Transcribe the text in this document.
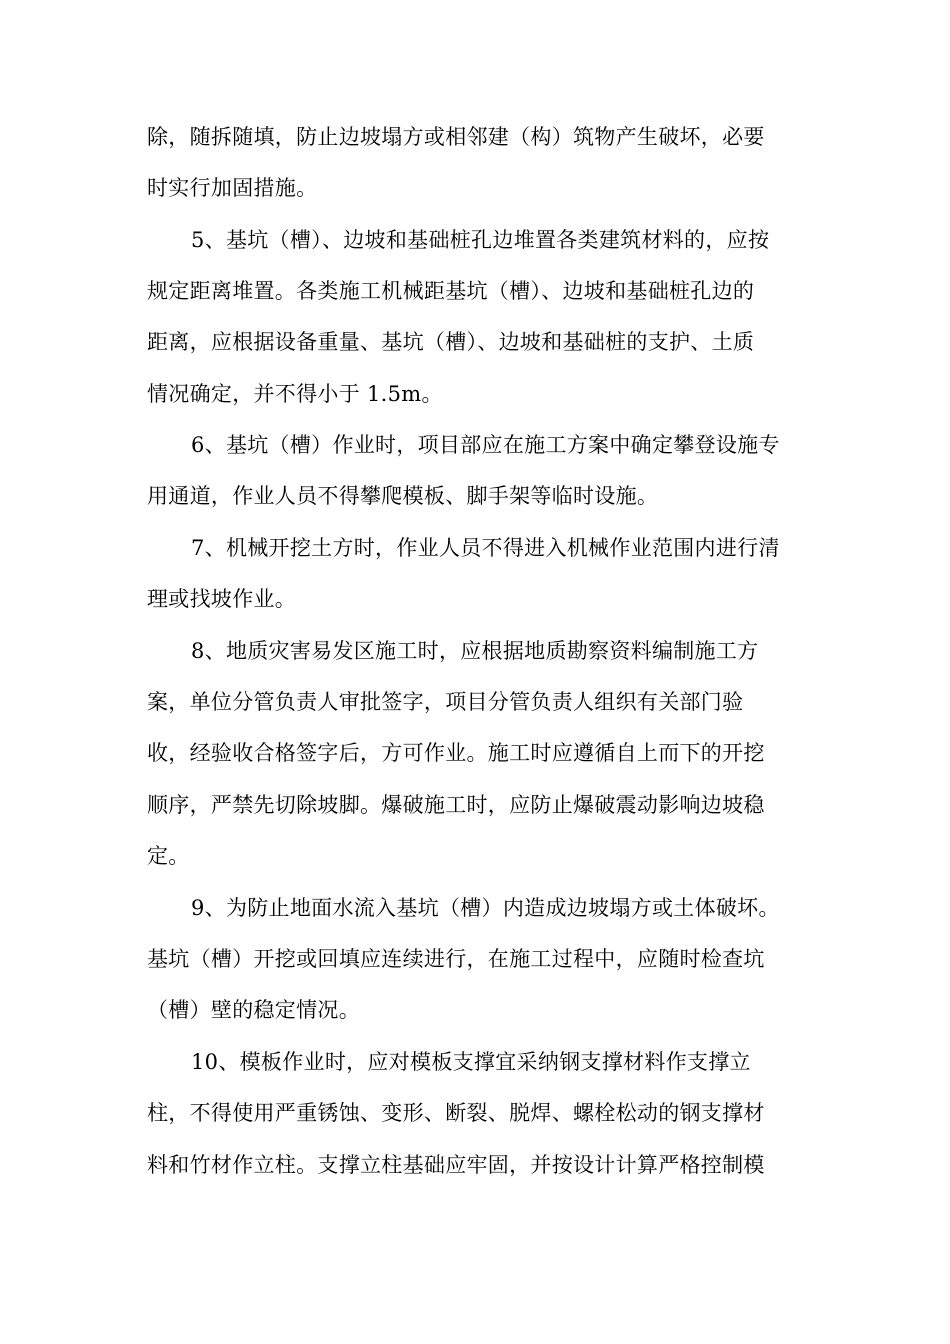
除，随拆随填，防止边坡塌方或相邻建（构）筑物产生破坏，必要
时实行加固措施。
5、基坑（槽）、边坡和基础桩孔边堆置各类建筑材料的，应按
规定距离堆置。各类施工机械距基坑（槽）、边坡和基础桩孔边的
距离，应根据设备重量、基坑（槽）、边坡和基础桩的支护、土质
情况确定，并不得小于 1.5m。
6、基坑（槽）作业时，项目部应在施工方案中确定攀登设施专
用通道，作业人员不得攀爬模板、脚手架等临时设施。
7、机械开挖土方时，作业人员不得进入机械作业范围内进行清
理或找坡作业。
8、地质灾害易发区施工时，应根据地质勘察资料编制施工方
案，单位分管负责人审批签字，项目分管负责人组织有关部门验
收，经验收合格签字后，方可作业。施工时应遵循自上而下的开挖
顺序，严禁先切除坡脚。爆破施工时，应防止爆破震动影响边坡稳
定。
9、为防止地面水流入基坑（槽）内造成边坡塌方或土体破坏。
基坑（槽）开挖或回填应连续进行，在施工过程中，应随时检查坑
（槽）壁的稳定情况。
10、模板作业时，应对模板支撑宜采纳钢支撑材料作支撑立
柱，不得使用严重锈蚀、变形、断裂、脱焊、螺栓松动的钢支撑材
料和竹材作立柱。支撑立柱基础应牢固，并按设计计算严格控制模
